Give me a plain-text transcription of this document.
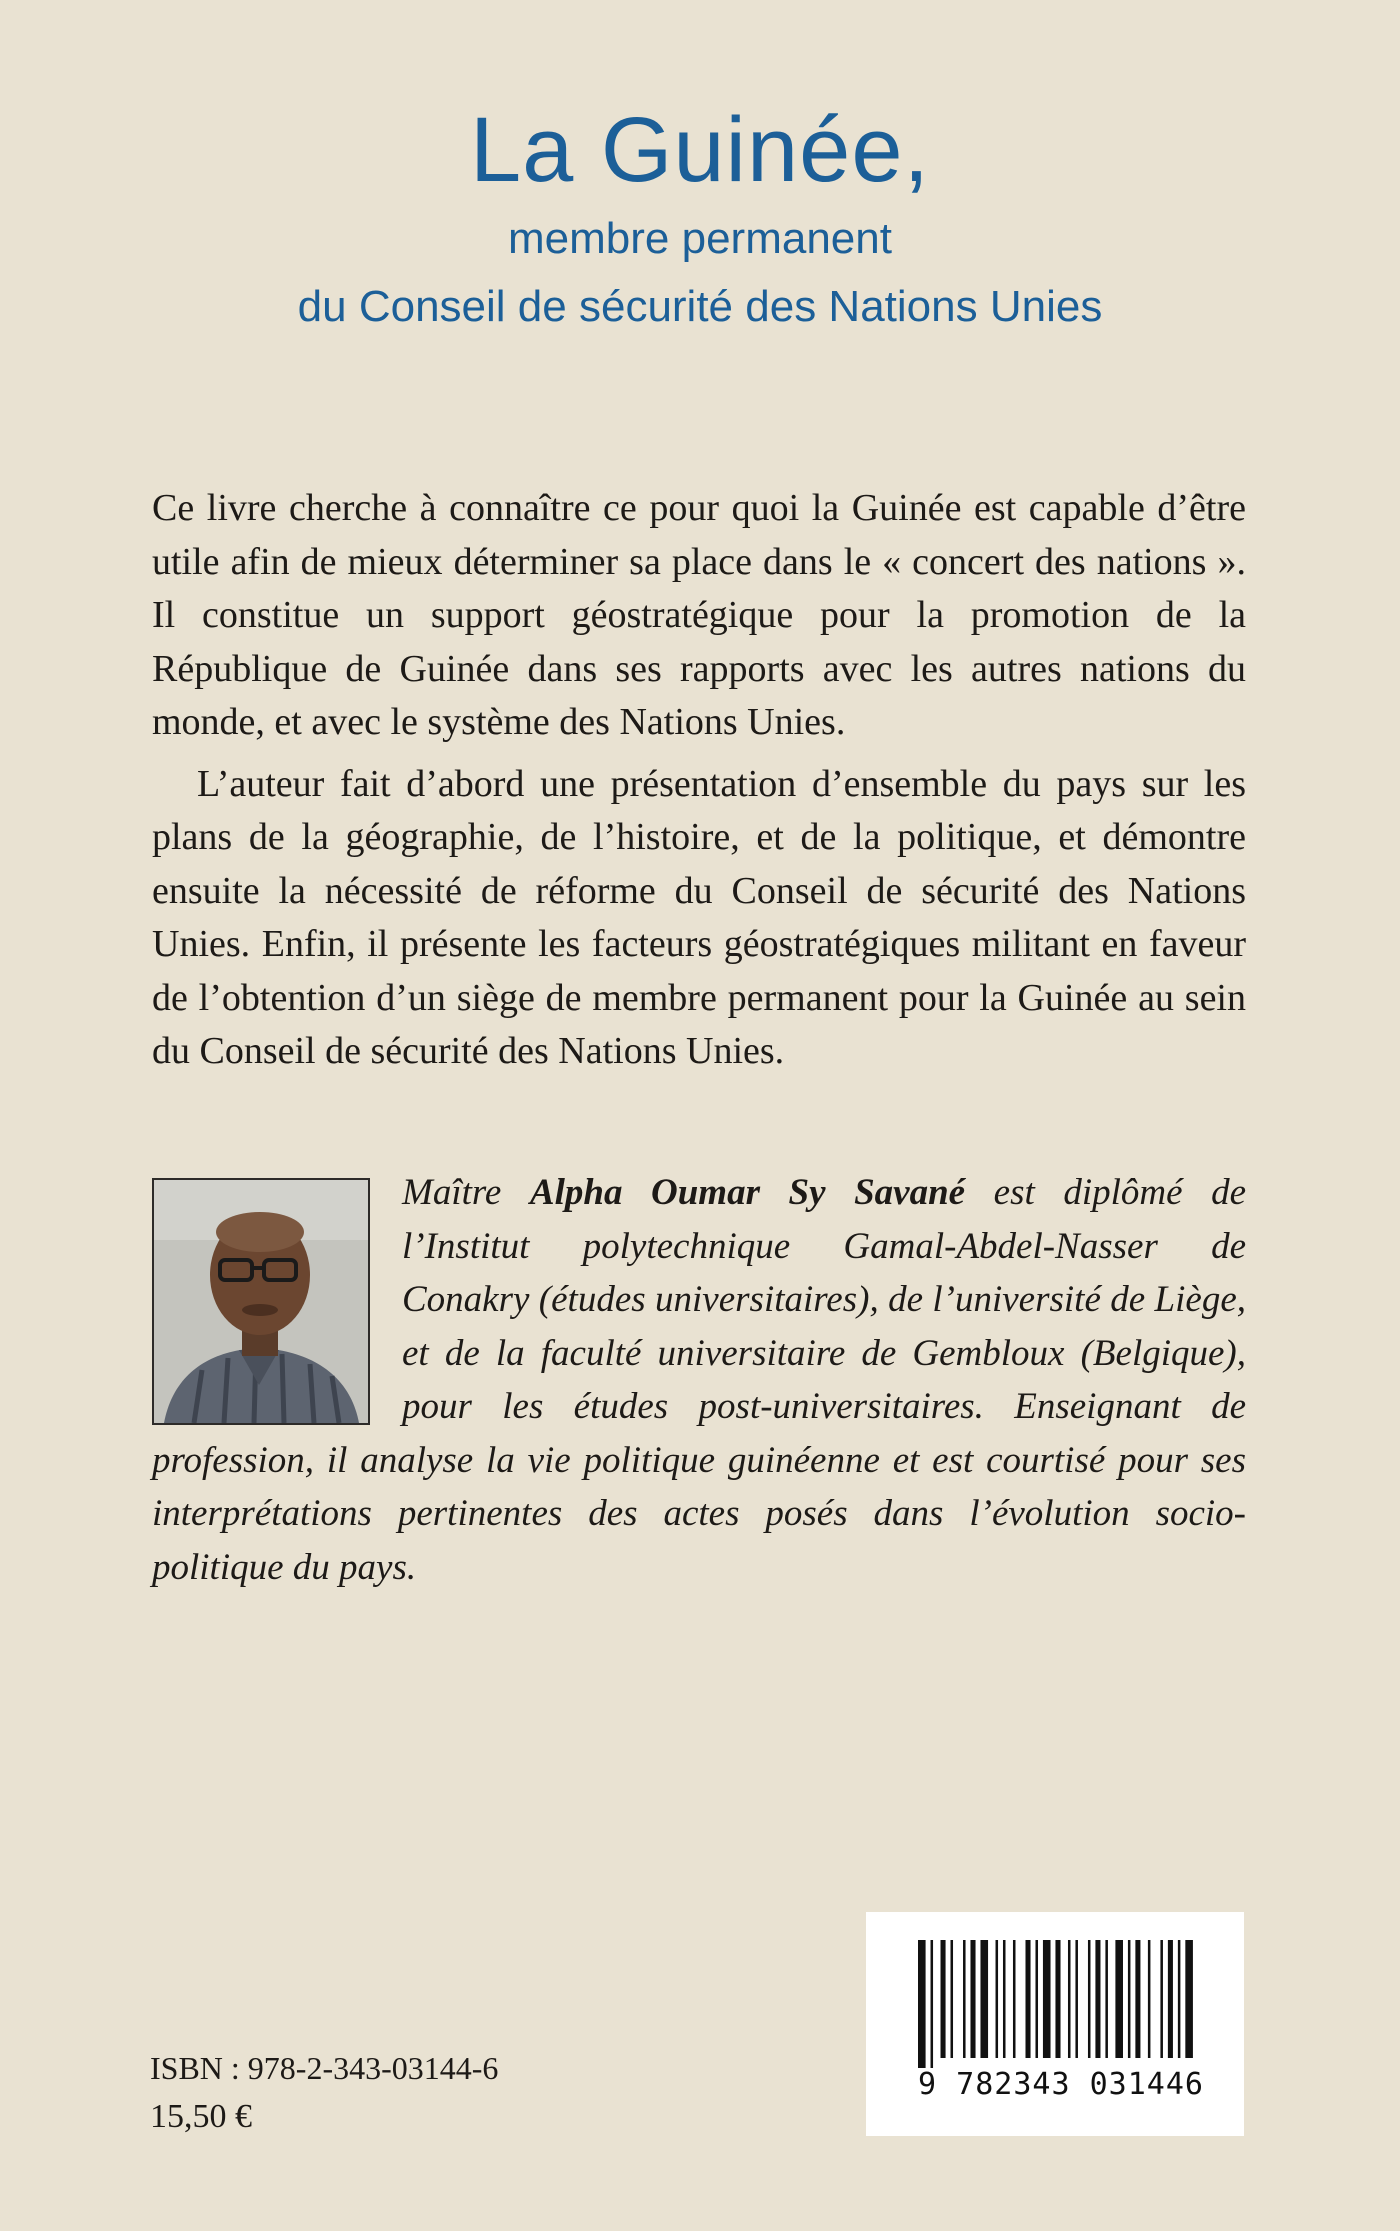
La Guinée,

membre permanent

du Conseil de sécurité des Nations Unies

Ce livre cherche à connaître ce pour quoi la Guinée est capable d’être utile afin de mieux déterminer sa place dans le « concert des nations ». Il constitue un support géostratégique pour la promotion de la République de Guinée dans ses rapports avec les autres nations du monde, et avec le système des Nations Unies.

L’auteur fait d’abord une présentation d’ensemble du pays sur les plans de la géographie, de l’histoire, et de la politique, et démontre ensuite la nécessité de réforme du Conseil de sécurité des Nations Unies. Enfin, il présente les facteurs géostratégiques militant en faveur de l’obtention d’un siège de membre permanent pour la Guinée au sein du Conseil de sécurité des Nations Unies.

Maître Alpha Oumar Sy Savané est diplômé de l’Institut polytechnique Gamal-Abdel-Nasser de Conakry (études universitaires), de l’université de Liège, et de la faculté universitaire de Gembloux (Belgique), pour les études post-universitaires. Enseignant de profession, il analyse la vie politique guinéenne et est courtisé pour ses interprétations pertinentes des actes posés dans l’évolution socio-politique du pays.
9 782343 031446
ISBN : 978-2-343-03144-6
15,50 €
